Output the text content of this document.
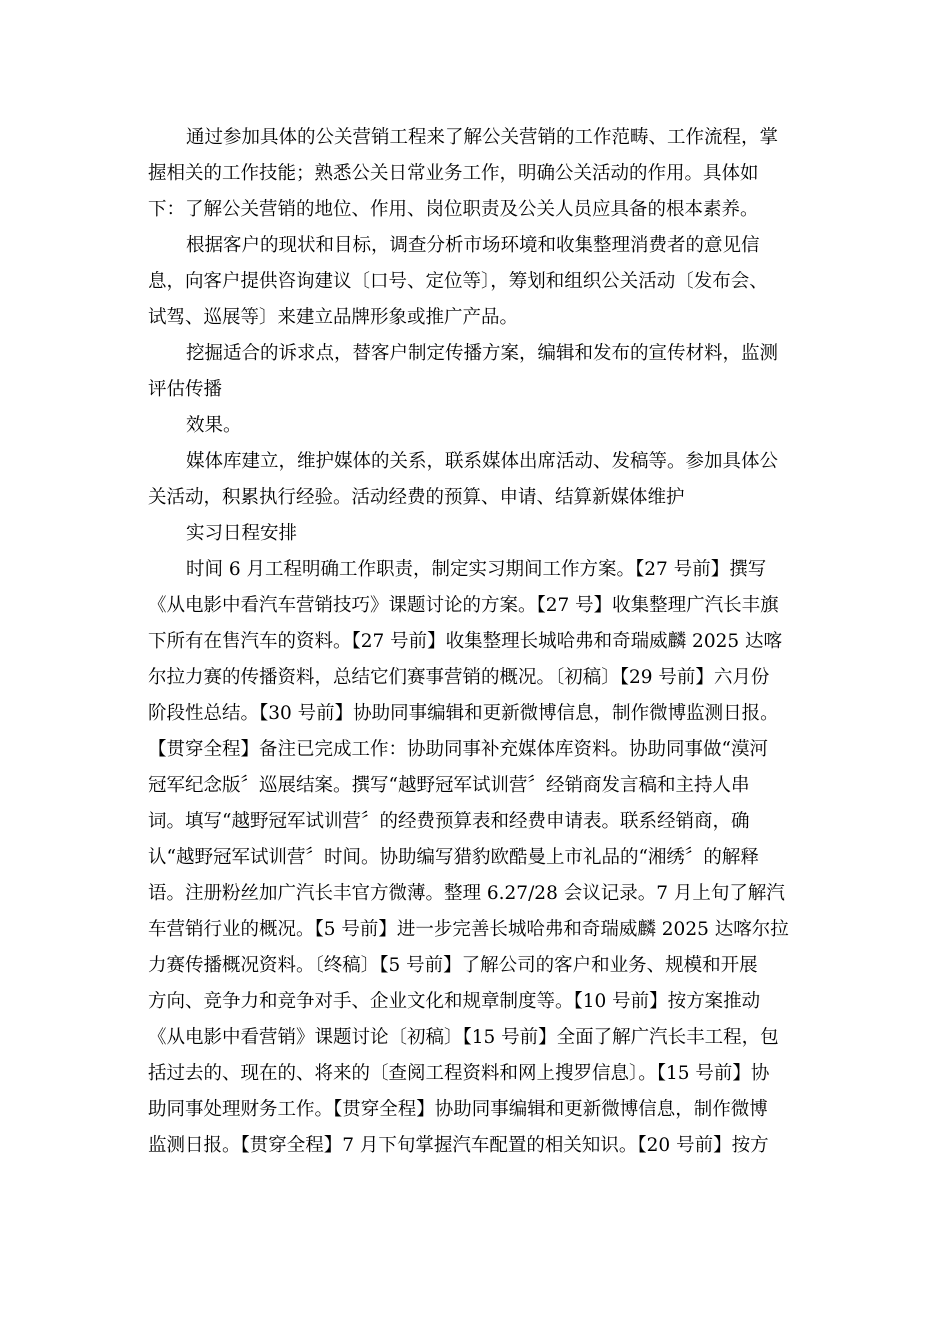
通过参加具体的公关营销工程来了解公关营销的工作范畴、工作流程，掌
握相关的工作技能；熟悉公关日常业务工作，明确公关活动的作用。具体如
下：了解公关营销的地位、作用、岗位职责及公关人员应具备的根本素养。
根据客户的现状和目标，调查分析市场环境和收集整理消费者的意见信
息，向客户提供咨询建议〔口号、定位等〕，筹划和组织公关活动〔发布会、
试驾、巡展等〕来建立品牌形象或推广产品。
挖掘适合的诉求点，替客户制定传播方案，编辑和发布的宣传材料，监测
评估传播
效果。
媒体库建立，维护媒体的关系，联系媒体出席活动、发稿等。参加具体公
关活动，积累执行经验。活动经费的预算、申请、结算新媒体维护
实习日程安排
时间 6 月工程明确工作职责，制定实习期间工作方案。【27 号前】撰写
《从电影中看汽车营销技巧》课题讨论的方案。【27 号】收集整理广汽长丰旗
下所有在售汽车的资料。【27 号前】收集整理长城哈弗和奇瑞威麟 2025 达喀
尔拉力赛的传播资料，总结它们赛事营销的概况。〔初稿〕【29 号前】六月份
阶段性总结。【30 号前】协助同事编辑和更新微博信息，制作微博监测日报。
【贯穿全程】备注已完成工作：协助同事补充媒体库资料。协助同事做“漠河
冠军纪念版〞巡展结案。撰写“越野冠军试训营〞经销商发言稿和主持人串
词。填写“越野冠军试训营〞的经费预算表和经费申请表。联系经销商，确
认“越野冠军试训营〞时间。协助编写猎豹欧酷曼上市礼品的“湘绣〞的解释
语。注册粉丝加广汽长丰官方微薄。整理 6.27/28 会议记录。7 月上旬了解汽
车营销行业的概况。【5 号前】进一步完善长城哈弗和奇瑞威麟 2025 达喀尔拉
力赛传播概况资料。〔终稿〕【5 号前】了解公司的客户和业务、规模和开展
方向、竞争力和竞争对手、企业文化和规章制度等。【10 号前】按方案推动
《从电影中看营销》课题讨论〔初稿〕【15 号前】全面了解广汽长丰工程，包
括过去的、现在的、将来的〔查阅工程资料和网上搜罗信息〕。【15 号前】协
助同事处理财务工作。【贯穿全程】协助同事编辑和更新微博信息，制作微博
监测日报。【贯穿全程】7 月下旬掌握汽车配置的相关知识。【20 号前】按方
